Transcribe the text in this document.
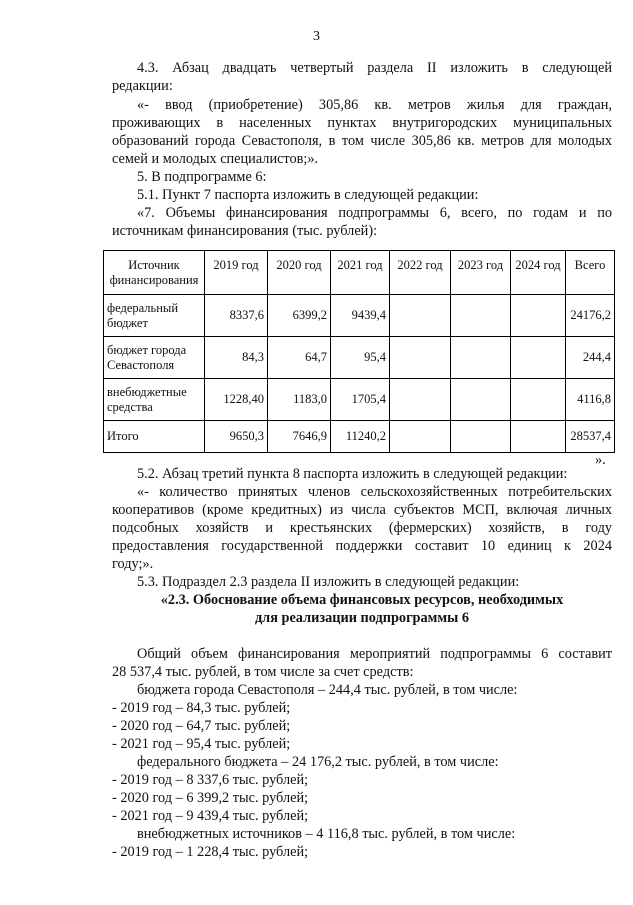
3
4.3. Абзац двадцать четвертый раздела II изложить в следующей
редакции:
«- ввод (приобретение) 305,86 кв. метров жилья для граждан,
проживающих в населенных пунктах внутригородских муниципальных
образований города Севастополя, в том числе 305,86 кв. метров для молодых
семей и молодых специалистов;».
5. В подпрограмме 6:
5.1. Пункт 7 паспорта изложить в следующей редакции:
«7. Объемы финансирования подпрограммы 6, всего, по годам и по
источникам финансирования (тыс. рублей):
Источник финансирования	2019 год	2020 год	2021 год	2022 год	2023 год	2024 год	Всего
федеральный бюджет	8337,6	6399,2	9439,4				24176,2
бюджет города Севастополя	84,3	64,7	95,4				244,4
внебюджетные средства	1228,40	1183,0	1705,4				4116,8
Итого	9650,3	7646,9	11240,2				28537,4
».
5.2. Абзац третий пункта 8 паспорта изложить в следующей редакции:
«- количество принятых членов сельскохозяйственных потребительских
кооперативов (кроме кредитных) из числа субъектов МСП, включая личных
подсобных хозяйств и крестьянских (фермерских) хозяйств, в году
предоставления государственной поддержки составит 10 единиц к 2024
году;».
5.3. Подраздел 2.3 раздела II изложить в следующей редакции:
«2.3. Обоснование объема финансовых ресурсов, необходимых
для реализации подпрограммы 6
Общий объем финансирования мероприятий подпрограммы 6 составит
28 537,4 тыс. рублей, в том числе за счет средств:
бюджета города Севастополя – 244,4 тыс. рублей, в том числе:
- 2019 год – 84,3 тыс. рублей;
- 2020 год – 64,7 тыс. рублей;
- 2021 год – 95,4 тыс. рублей;
федерального бюджета – 24 176,2 тыс. рублей, в том числе:
- 2019 год – 8 337,6 тыс. рублей;
- 2020 год – 6 399,2 тыс. рублей;
- 2021 год – 9 439,4 тыс. рублей;
внебюджетных источников – 4 116,8 тыс. рублей, в том числе:
- 2019 год – 1 228,4 тыс. рублей;
